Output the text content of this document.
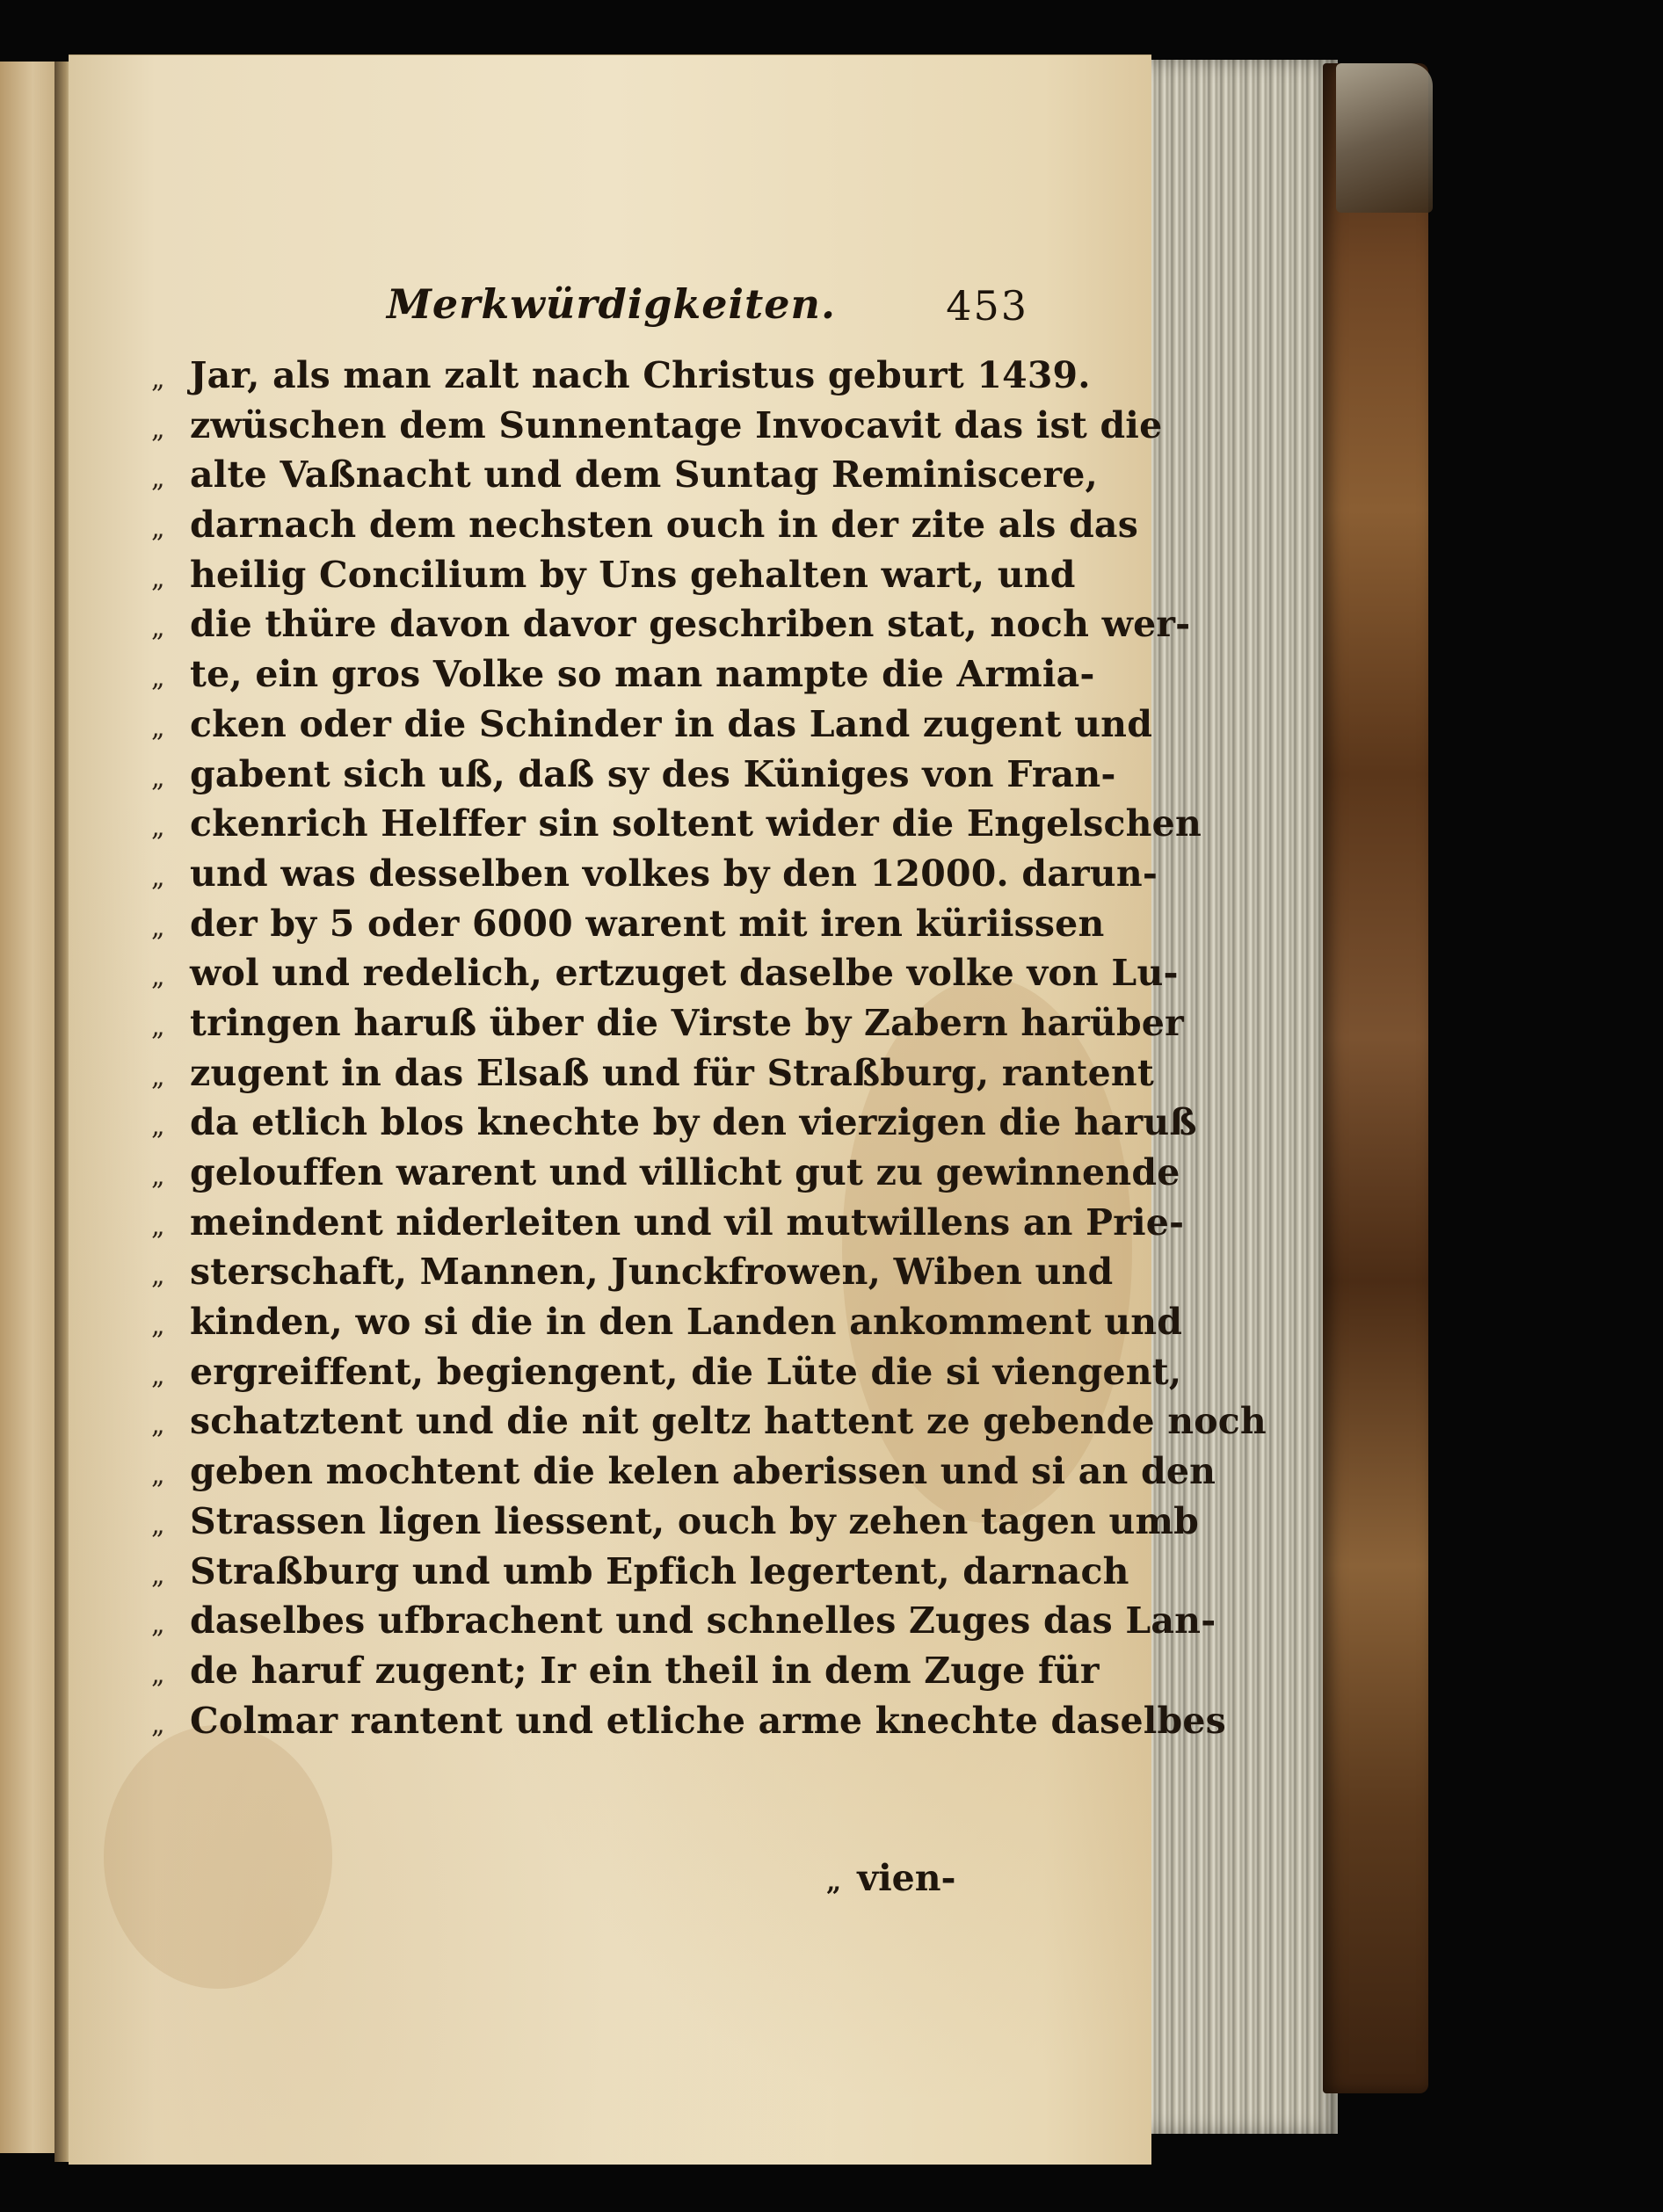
Merkwürdigkeiten.	453
„ Jar, als man zalt nach Christus geburt 1439.
„ zwüschen dem Sunnentage Invocavit das ist die
„ alte Vaßnacht und dem Suntag Reminiscere,
„ darnach dem nechsten ouch in der zite als das
„ heilig Concilium by Uns gehalten wart, und
„ die thüre davon davor geschriben stat, noch wer-
„ te, ein gros Volke so man nampte die Armia-
„ cken oder die Schinder in das Land zugent und
„ gabent sich uß, daß sy des Küniges von Fran-
„ ckenrich Helffer sin soltent wider die Engelschen
„ und was desselben volkes by den 12000. darun-
„ der by 5 oder 6000 warent mit iren küriissen
„ wol und redelich, ertzuget daselbe volke von Lu-
„ tringen haruß über die Virste by Zabern harüber
„ zugent in das Elsaß und für Straßburg, rantent
„ da etlich blos knechte by den vierzigen die haruß
„ gelouffen warent und villicht gut zu gewinnende
„ meindent niderleiten und vil mutwillens an Prie-
„ sterschaft, Mannen, Junckfrowen, Wiben und
„ kinden, wo si die in den Landen ankomment und
„ ergreiffent, begiengent, die Lüte die si viengent,
„ schatztent und die nit geltz hattent ze gebende noch
„ geben mochtent die kelen aberissen und si an den
„ Strassen ligen liessent, ouch by zehen tagen umb
„ Straßburg und umb Epfich legertent, darnach
„ daselbes ufbrachent und schnelles Zuges das Lan-
„ de haruf zugent; Ir ein theil in dem Zuge für
„ Colmar rantent und etliche arme knechte daselbes
„ vien-
